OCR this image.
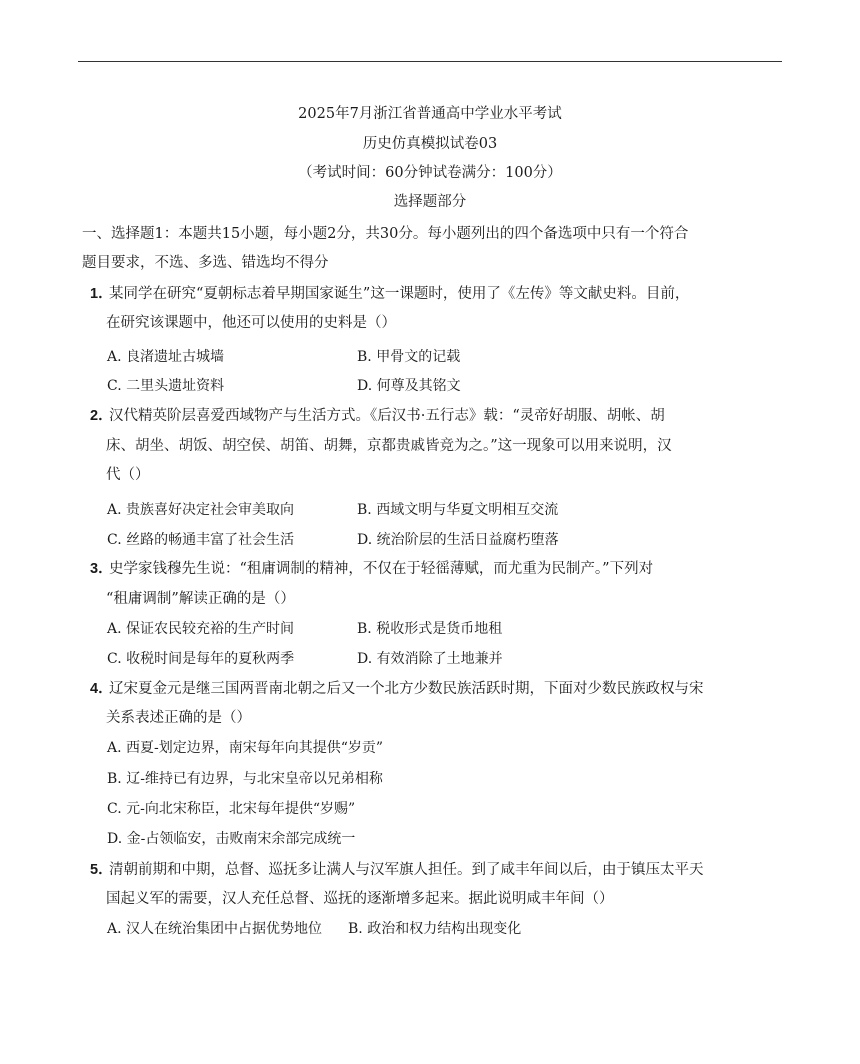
2025年7月浙江省普通高中学业水平考试
历史仿真模拟试卷03
（考试时间：60分钟试卷满分：100分）
选择题部分
一、选择题1：本题共15小题，每小题2分，共30分。每小题列出的四个备选项中只有一个符合
题目要求，不选、多选、错选均不得分
1．
某同学在研究“夏朝标志着早期国家诞生”这一课题时，使用了《左传》等文献史料。目前，
在研究该课题中，他还可以使用的史料是（）
A. 良渚遗址古城墙	B. 甲骨文的记载
C. 二里头遗址资料	D. 何尊及其铭文
2．
汉代精英阶层喜爱西域物产与生活方式。《后汉书·五行志》载：“灵帝好胡服、胡帐、胡
床、胡坐、胡饭、胡空侯、胡笛、胡舞，京都贵戚皆竞为之。”这一现象可以用来说明，汉
代（）
A. 贵族喜好决定社会审美取向	B. 西域文明与华夏文明相互交流
C. 丝路的畅通丰富了社会生活	D. 统治阶层的生活日益腐朽堕落
3．
史学家钱穆先生说：“租庸调制的精神，不仅在于轻徭薄赋，而尤重为民制产。”下列对
“租庸调制”解读正确的是（）
A. 保证农民较充裕的生产时间	B. 税收形式是货币地租
C. 收税时间是每年的夏秋两季	D. 有效消除了土地兼并
4．
辽宋夏金元是继三国两晋南北朝之后又一个北方少数民族活跃时期，下面对少数民族政权与宋
关系表述正确的是（）
A. 西夏-划定边界，南宋每年向其提供“岁贡”
B. 辽-维持已有边界，与北宋皇帝以兄弟相称
C. 元-向北宋称臣，北宋每年提供“岁赐”
D. 金-占领临安，击败南宋余部完成统一
5．
清朝前期和中期，总督、巡抚多让满人与汉军旗人担任。到了咸丰年间以后，由于镇压太平天
国起义军的需要，汉人充任总督、巡抚的逐渐增多起来。据此说明咸丰年间（）
A. 汉人在统治集团中占据优势地位 B. 政治和权力结构出现变化
